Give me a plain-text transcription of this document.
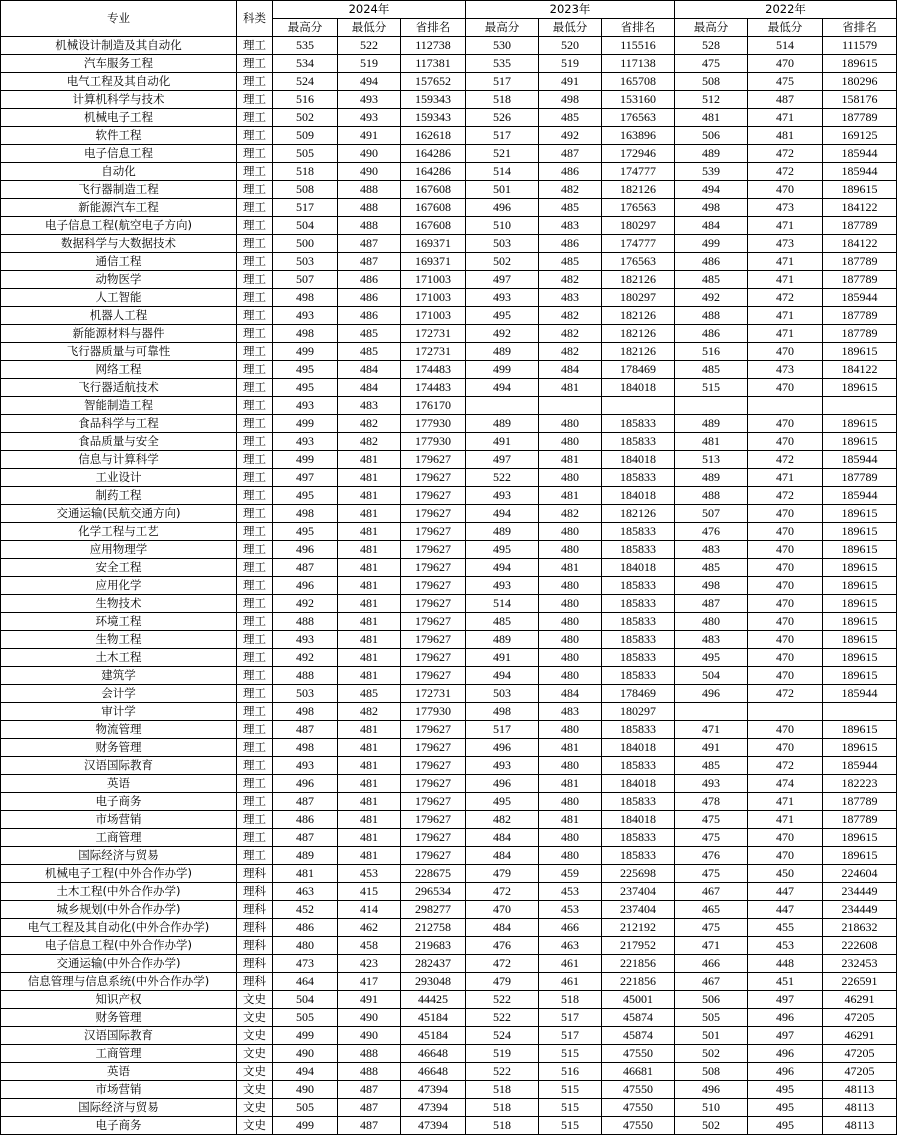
专业	科类	2024年			2023年			2022年		
		最高分	最低分	省排名	最高分	最低分	省排名	最高分	最低分	省排名
机械设计制造及其自动化	理工	535	522	112738	530	520	115516	528	514	111579
汽车服务工程	理工	534	519	117381	535	519	117138	475	470	189615
电气工程及其自动化	理工	524	494	157652	517	491	165708	508	475	180296
计算机科学与技术	理工	516	493	159343	518	498	153160	512	487	158176
机械电子工程	理工	502	493	159343	526	485	176563	481	471	187789
软件工程	理工	509	491	162618	517	492	163896	506	481	169125
电子信息工程	理工	505	490	164286	521	487	172946	489	472	185944
自动化	理工	518	490	164286	514	486	174777	539	472	185944
飞行器制造工程	理工	508	488	167608	501	482	182126	494	470	189615
新能源汽车工程	理工	517	488	167608	496	485	176563	498	473	184122
电子信息工程(航空电子方向)	理工	504	488	167608	510	483	180297	484	471	187789
数据科学与大数据技术	理工	500	487	169371	503	486	174777	499	473	184122
通信工程	理工	503	487	169371	502	485	176563	486	471	187789
动物医学	理工	507	486	171003	497	482	182126	485	471	187789
人工智能	理工	498	486	171003	493	483	180297	492	472	185944
机器人工程	理工	493	486	171003	495	482	182126	488	471	187789
新能源材料与器件	理工	498	485	172731	492	482	182126	486	471	187789
飞行器质量与可靠性	理工	499	485	172731	489	482	182126	516	470	189615
网络工程	理工	495	484	174483	499	484	178469	485	473	184122
飞行器适航技术	理工	495	484	174483	494	481	184018	515	470	189615
智能制造工程	理工	493	483	176170						
食品科学与工程	理工	499	482	177930	489	480	185833	489	470	189615
食品质量与安全	理工	493	482	177930	491	480	185833	481	470	189615
信息与计算科学	理工	499	481	179627	497	481	184018	513	472	185944
工业设计	理工	497	481	179627	522	480	185833	489	471	187789
制药工程	理工	495	481	179627	493	481	184018	488	472	185944
交通运输(民航交通方向)	理工	498	481	179627	494	482	182126	507	470	189615
化学工程与工艺	理工	495	481	179627	489	480	185833	476	470	189615
应用物理学	理工	496	481	179627	495	480	185833	483	470	189615
安全工程	理工	487	481	179627	494	481	184018	485	470	189615
应用化学	理工	496	481	179627	493	480	185833	498	470	189615
生物技术	理工	492	481	179627	514	480	185833	487	470	189615
环境工程	理工	488	481	179627	485	480	185833	480	470	189615
生物工程	理工	493	481	179627	489	480	185833	483	470	189615
土木工程	理工	492	481	179627	491	480	185833	495	470	189615
建筑学	理工	488	481	179627	494	480	185833	504	470	189615
会计学	理工	503	485	172731	503	484	178469	496	472	185944
审计学	理工	498	482	177930	498	483	180297			
物流管理	理工	487	481	179627	517	480	185833	471	470	189615
财务管理	理工	498	481	179627	496	481	184018	491	470	189615
汉语国际教育	理工	493	481	179627	493	480	185833	485	472	185944
英语	理工	496	481	179627	496	481	184018	493	474	182223
电子商务	理工	487	481	179627	495	480	185833	478	471	187789
市场营销	理工	486	481	179627	482	481	184018	475	471	187789
工商管理	理工	487	481	179627	484	480	185833	475	470	189615
国际经济与贸易	理工	489	481	179627	484	480	185833	476	470	189615
机械电子工程(中外合作办学)	理科	481	453	228675	479	459	225698	475	450	224604
土木工程(中外合作办学)	理科	463	415	296534	472	453	237404	467	447	234449
城乡规划(中外合作办学)	理科	452	414	298277	470	453	237404	465	447	234449
电气工程及其自动化(中外合作办学)	理科	486	462	212758	484	466	212192	475	455	218632
电子信息工程(中外合作办学)	理科	480	458	219683	476	463	217952	471	453	222608
交通运输(中外合作办学)	理科	473	423	282437	472	461	221856	466	448	232453
信息管理与信息系统(中外合作办学)	理科	464	417	293048	479	461	221856	467	451	226591
知识产权	文史	504	491	44425	522	518	45001	506	497	46291
财务管理	文史	505	490	45184	522	517	45874	505	496	47205
汉语国际教育	文史	499	490	45184	524	517	45874	501	497	46291
工商管理	文史	490	488	46648	519	515	47550	502	496	47205
英语	文史	494	488	46648	522	516	46681	508	496	47205
市场营销	文史	490	487	47394	518	515	47550	496	495	48113
国际经济与贸易	文史	505	487	47394	518	515	47550	510	495	48113
电子商务	文史	499	487	47394	518	515	47550	502	495	48113
